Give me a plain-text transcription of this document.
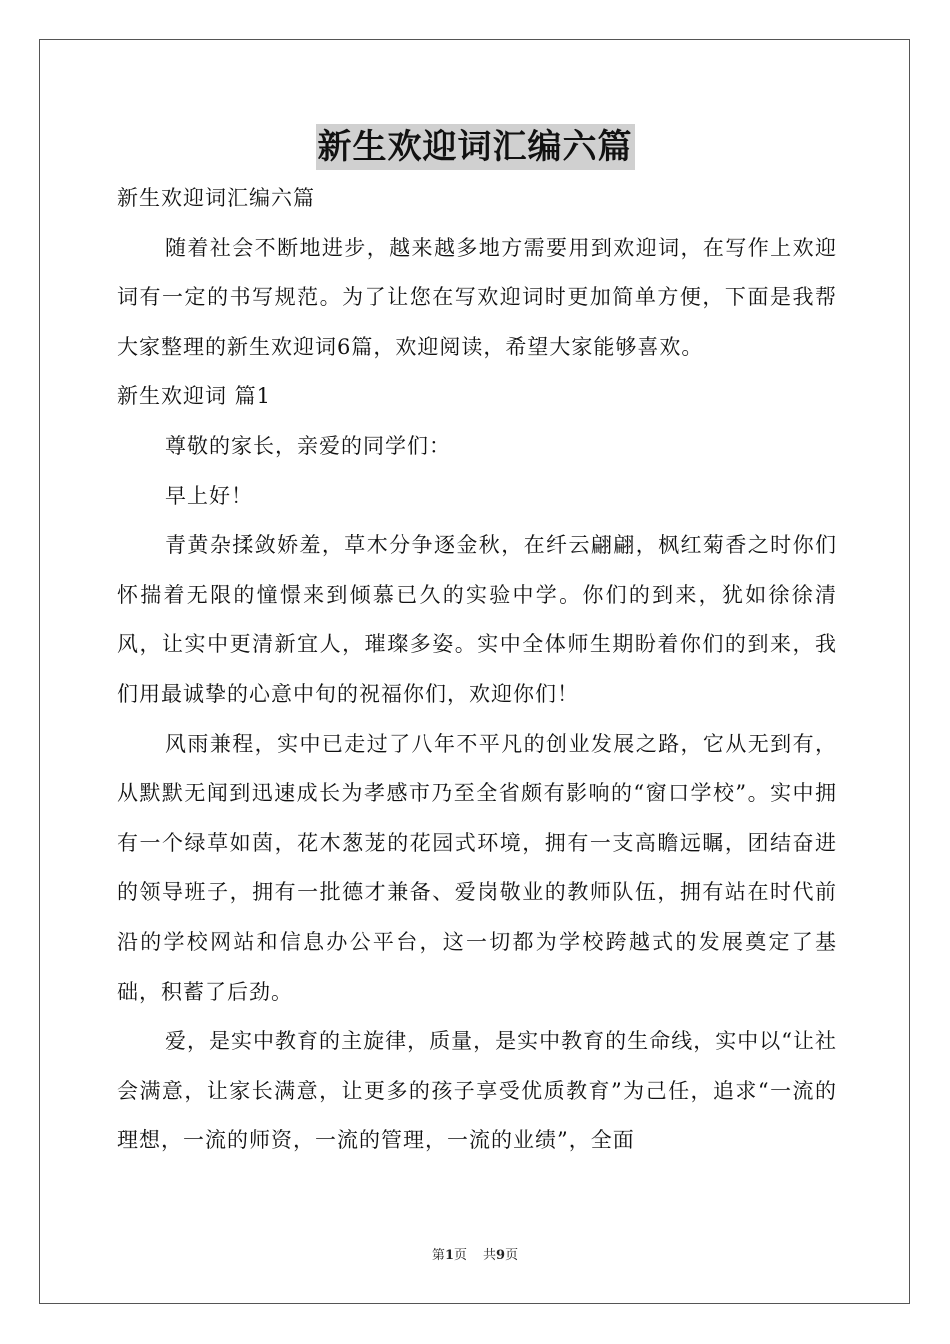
新生欢迎词汇编六篇

新生欢迎词汇编六篇

随着社会不断地进步，越来越多地方需要用到欢迎词，在写作上欢迎词有一定的书写规范。为了让您在写欢迎词时更加简单方便，下面是我帮大家整理的新生欢迎词6篇，欢迎阅读，希望大家能够喜欢。

新生欢迎词 篇1

尊敬的家长，亲爱的同学们：

早上好！

青黄杂揉敛娇羞，草木分争逐金秋，在纤云翩翩，枫红菊香之时你们怀揣着无限的憧憬来到倾慕已久的实验中学。你们的到来，犹如徐徐清风，让实中更清新宜人，璀璨多姿。实中全体师生期盼着你们的到来，我们用最诚挚的心意中旬的祝福你们，欢迎你们！

风雨兼程，实中已走过了八年不平凡的创业发展之路，它从无到有，从默默无闻到迅速成长为孝感市乃至全省颇有影响的“窗口学校”。实中拥有一个绿草如茵，花木葱茏的花园式环境，拥有一支高瞻远瞩，团结奋进的领导班子，拥有一批德才兼备、爱岗敬业的教师队伍，拥有站在时代前沿的学校网站和信息办公平台，这一切都为学校跨越式的发展奠定了基础，积蓄了后劲。

爱，是实中教育的主旋律，质量，是实中教育的生命线，实中以“让社会满意，让家长满意，让更多的孩子享受优质教育”为己任，追求“一流的理想，一流的师资，一流的管理，一流的业绩”，全面

第1页 共9页
